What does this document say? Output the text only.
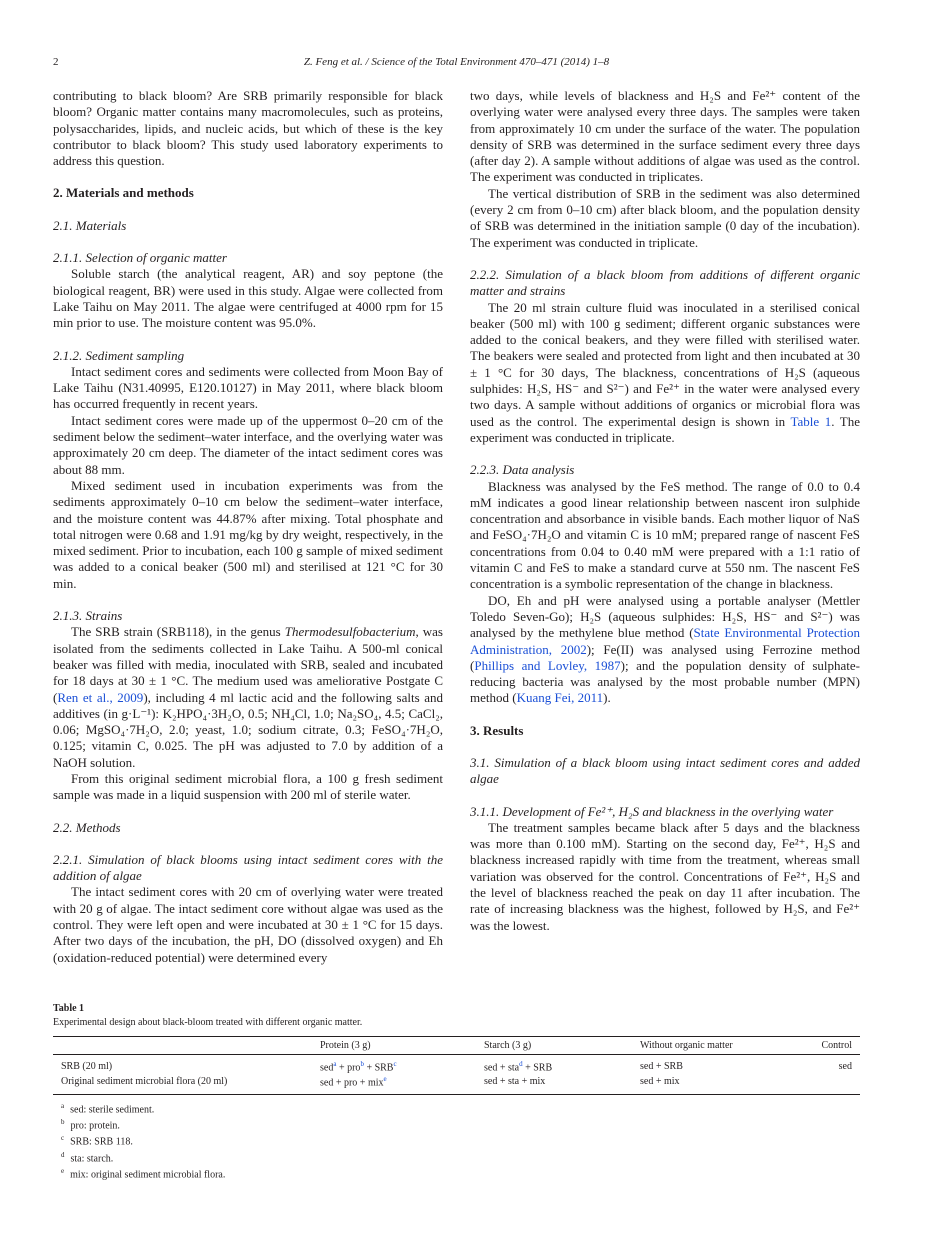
2	Z. Feng et al. / Science of the Total Environment 470–471 (2014) 1–8

contributing to black bloom? Are SRB primarily responsible for black bloom? Organic matter contains many macromolecules, such as proteins, polysaccharides, lipids, and nucleic acids, but which of these is the key contributor to black bloom? This study used laboratory experiments to address this question.

2. Materials and methods
2.1. Materials
2.1.1. Selection of organic matter

Soluble starch (the analytical reagent, AR) and soy peptone (the biological reagent, BR) were used in this study. Algae were collected from Lake Taihu on May 2011. The algae were centrifuged at 4000 rpm for 15 min prior to use. The moisture content was 95.0%.

2.1.2. Sediment sampling

Intact sediment cores and sediments were collected from Moon Bay of Lake Taihu (N31.40995, E120.10127) in May 2011, where black bloom has occurred frequently in recent years.

Intact sediment cores were made up of the uppermost 0–20 cm of the sediment below the sediment–water interface, and the overlying water was approximately 20 cm deep. The diameter of the intact sediment cores was about 88 mm.

Mixed sediment used in incubation experiments was from the sediments approximately 0–10 cm below the sediment–water interface, and the moisture content was 44.87% after mixing. Total phosphate and total nitrogen were 0.68 and 1.91 mg/kg by dry weight, respectively, in the mixed sediment. Prior to incubation, each 100 g sample of mixed sediment was added to a conical beaker (500 ml) and sterilised at 121 °C for 30 min.

2.1.3. Strains

The SRB strain (SRB118), in the genus Thermodesulfobacterium, was isolated from the sediments collected in Lake Taihu. A 500-ml conical beaker was filled with media, inoculated with SRB, sealed and incubated for 18 days at 30 ± 1 °C. The medium used was ameliorative Postgate C (Ren et al., 2009), including 4 ml lactic acid and the following salts and additives (in g·L⁻¹): K₂HPO₄·3H₂O, 0.5; NH₄Cl, 1.0; Na₂SO₄, 4.5; CaCl₂, 0.06; MgSO₄·7H₂O, 2.0; yeast, 1.0; sodium citrate, 0.3; FeSO₄·7H₂O, 0.125; vitamin C, 0.025. The pH was adjusted to 7.0 by addition of a NaOH solution.

From this original sediment microbial flora, a 100 g fresh sediment sample was made in a liquid suspension with 200 ml of sterile water.

2.2. Methods
2.2.1. Simulation of black blooms using intact sediment cores with the addition of algae

The intact sediment cores with 20 cm of overlying water were treated with 20 g of algae. The intact sediment core without algae was used as the control. They were left open and were incubated at 30 ± 1 °C for 15 days. After two days of the incubation, the pH, DO (dissolved oxygen) and Eh (oxidation-reduced potential) were determined every

two days, while levels of blackness and H₂S and Fe²⁺ content of the overlying water were analysed every three days. The samples were taken from approximately 10 cm under the surface of the water. The population density of SRB was determined in the surface sediment every three days (after day 2). A sample without additions of algae was used as the control. The experiment was conducted in triplicates.

The vertical distribution of SRB in the sediment was also determined (every 2 cm from 0–10 cm) after black bloom, and the population density of SRB was determined in the initiation sample (0 day of the incubation). The experiment was conducted in triplicate.

2.2.2. Simulation of a black bloom from additions of different organic matter and strains

The 20 ml strain culture fluid was inoculated in a sterilised conical beaker (500 ml) with 100 g sediment; different organic substances were added to the conical beakers, and they were filled with sterilised water. The beakers were sealed and protected from light and then incubated at 30 ± 1 °C for 30 days, The blackness, concentrations of H₂S (aqueous sulphides: H₂S, HS⁻ and S²⁻) and Fe²⁺ in the water were analysed every two days. A sample without additions of organics or microbial flora was used as the control. The experimental design is shown in Table 1. The experiment was conducted in triplicate.

2.2.3. Data analysis

Blackness was analysed by the FeS method. The range of 0.0 to 0.4 mM indicates a good linear relationship between nascent iron sulphide concentration and absorbance in visible bands. Each mother liquor of NaS and FeSO₄·7H₂O and vitamin C is 10 mM; prepared range of nascent FeS concentrations from 0.04 to 0.40 mM were prepared with a 1:1 ratio of vitamin C and FeS to make a standard curve at 550 nm. The nascent FeS concentration is a symbolic representation of the change in blackness.

DO, Eh and pH were analysed using a portable analyser (Mettler Toledo Seven-Go); H₂S (aqueous sulphides: H₂S, HS⁻ and S²⁻) was analysed by the methylene blue method (State Environmental Protection Administration, 2002); Fe(II) was analysed using Ferrozine method (Phillips and Lovley, 1987); and the population density of sulphate-reducing bacteria was analysed by the most probable number (MPN) method (Kuang Fei, 2011).

3. Results
3.1. Simulation of a black bloom using intact sediment cores and added algae
3.1.1. Development of Fe²⁺, H₂S and blackness in the overlying water

The treatment samples became black after 5 days and the blackness was more than 0.100 mM). Starting on the second day, Fe²⁺, H₂S and blackness increased rapidly with time from the treatment, whereas small variation was observed for the control. Concentrations of Fe²⁺, H₂S and the level of blackness reached the peak on day 11 after incubation. The rate of increasing blackness was the highest, followed by H₂S, and Fe²⁺ was the lowest.

Table 1
Experimental design about black-bloom treated with different organic matter.
	Protein (3 g)	Starch (3 g)	Without organic matter	Control
SRB (20 ml)	$sed^a + pro^b + SRB^c$	sed + sta$^d$ + SRB	sed + SRB	sed
Original sediment microbial flora (20 ml)	sed + pro + mix$^e$	sed + sta + mix	sed + mix	
$^a$ sed: sterile sediment.
$^b$ pro: protein.
$^c$ SRB: SRB 118.
$^d$ sta: starch.
$^e$ mix: original sediment microbial flora.
